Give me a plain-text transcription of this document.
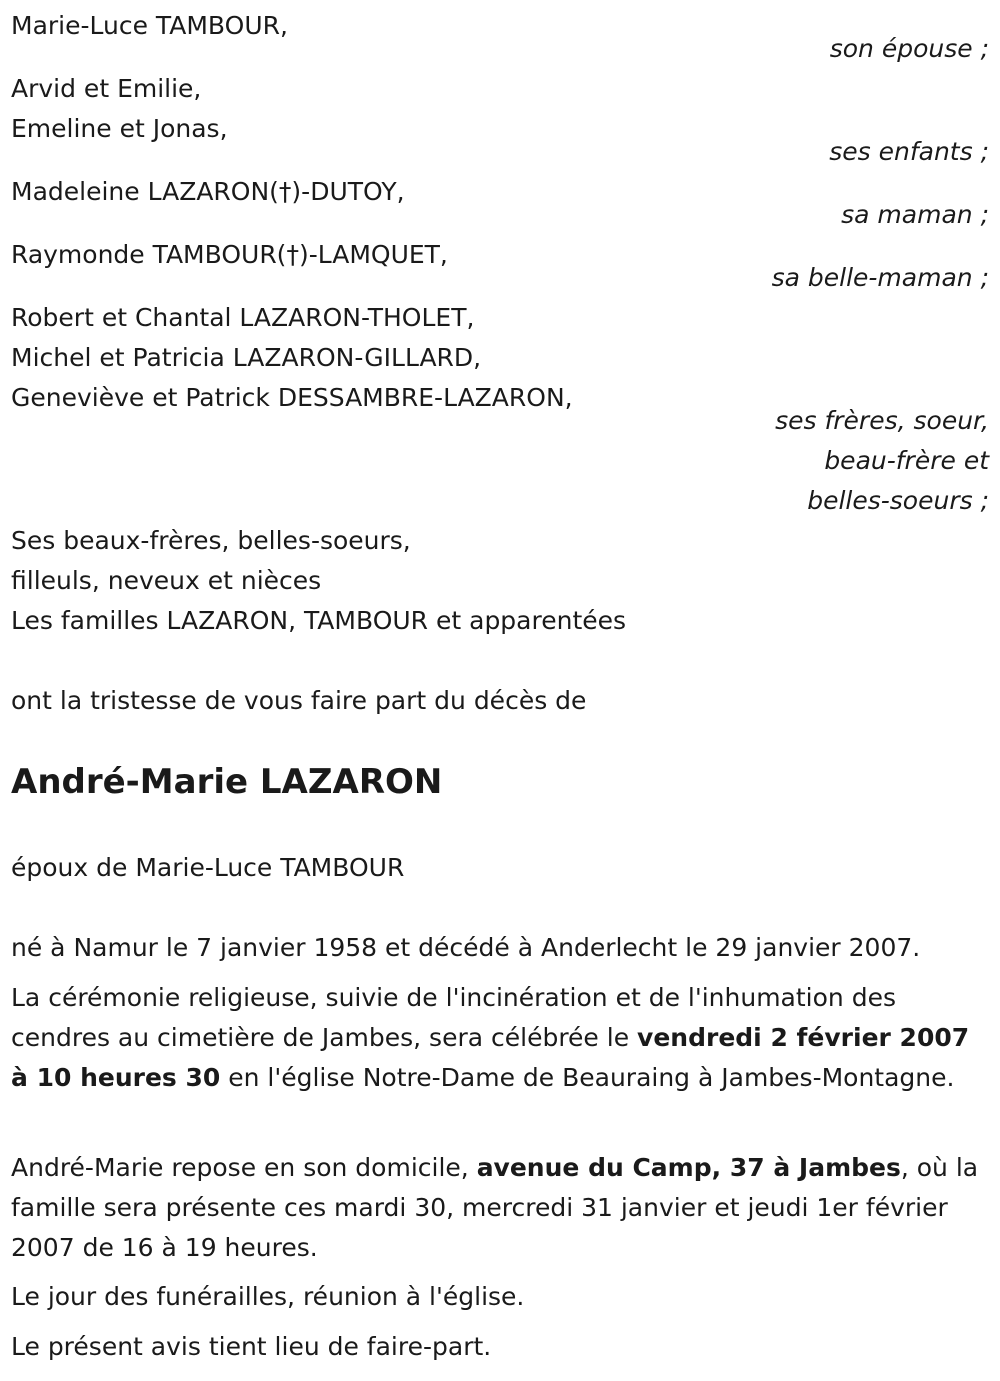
Marie-Luce TAMBOUR,
son épouse ;
Arvid et Emilie,
Emeline et Jonas,
ses enfants ;
Madeleine LAZARON(†)-DUTOY,
sa maman ;
Raymonde TAMBOUR(†)-LAMQUET,
sa belle-maman ;
Robert et Chantal LAZARON-THOLET,
Michel et Patricia LAZARON-GILLARD,
Geneviève et Patrick DESSAMBRE-LAZARON,
ses frères, soeur,
beau-frère et
belles-soeurs ;
Ses beaux-frères, belles-soeurs,
filleuls, neveux et nièces
Les familles LAZARON, TAMBOUR et apparentées
ont la tristesse de vous faire part du décès de
André-Marie LAZARON
époux de Marie-Luce TAMBOUR
né à Namur le 7 janvier 1958 et décédé à Anderlecht le 29 janvier 2007.
La cérémonie religieuse, suivie de l'incinération et de l'inhumation des cendres au cimetière de Jambes, sera célébrée le vendredi 2 février 2007 à 10 heures 30 en l'église Notre-Dame de Beauraing à Jambes-Montagne.
André-Marie repose en son domicile, avenue du Camp, 37 à Jambes, où la famille sera présente ces mardi 30, mercredi 31 janvier et jeudi 1er février 2007 de 16 à 19 heures.
Le jour des funérailles, réunion à l'église.
Le présent avis tient lieu de faire-part.
